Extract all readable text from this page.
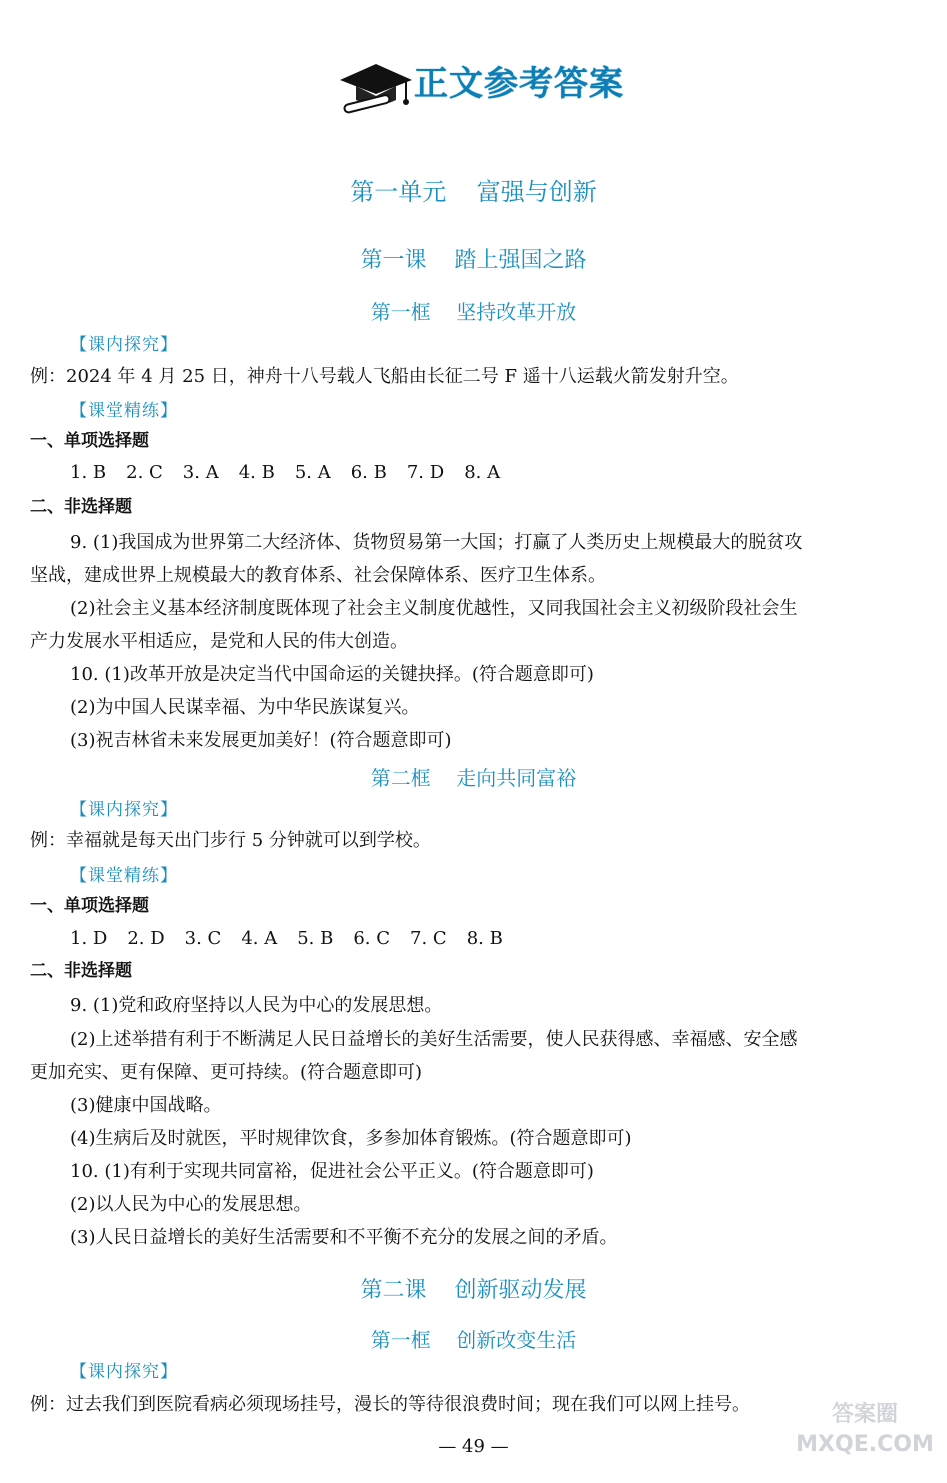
正文参考答案
第一单元    富强与创新
第一课    踏上强国之路
第一框    坚持改革开放
【课内探究】
例：2024 年 4 月 25 日，神舟十八号载人飞船由长征二号 F 遥十八运载火箭发射升空。
【课堂精练】
一、单项选择题
1. B 2. C 3. A 4. B 5. A 6. B 7. D 8. A
二、非选择题
9. (1)我国成为世界第二大经济体、货物贸易第一大国；打赢了人类历史上规模最大的脱贫攻
坚战，建成世界上规模最大的教育体系、社会保障体系、医疗卫生体系。
(2)社会主义基本经济制度既体现了社会主义制度优越性，又同我国社会主义初级阶段社会生
产力发展水平相适应，是党和人民的伟大创造。
10. (1)改革开放是决定当代中国命运的关键抉择。(符合题意即可)
(2)为中国人民谋幸福、为中华民族谋复兴。
(3)祝吉林省未来发展更加美好！(符合题意即可)
第二框    走向共同富裕
【课内探究】
例：幸福就是每天出门步行 5 分钟就可以到学校。
【课堂精练】
一、单项选择题
1. D 2. D 3. C 4. A 5. B 6. C 7. C 8. B
二、非选择题
9. (1)党和政府坚持以人民为中心的发展思想。
(2)上述举措有利于不断满足人民日益增长的美好生活需要，使人民获得感、幸福感、安全感
更加充实、更有保障、更可持续。(符合题意即可)
(3)健康中国战略。
(4)生病后及时就医，平时规律饮食，多参加体育锻炼。(符合题意即可)
10. (1)有利于实现共同富裕，促进社会公平正义。(符合题意即可)
(2)以人民为中心的发展思想。
(3)人民日益增长的美好生活需要和不平衡不充分的发展之间的矛盾。
第二课    创新驱动发展
第一框    创新改变生活
【课内探究】
例：过去我们到医院看病必须现场挂号，漫长的等待很浪费时间；现在我们可以网上挂号。
— 49 —
答案圈 MXQE.COM
